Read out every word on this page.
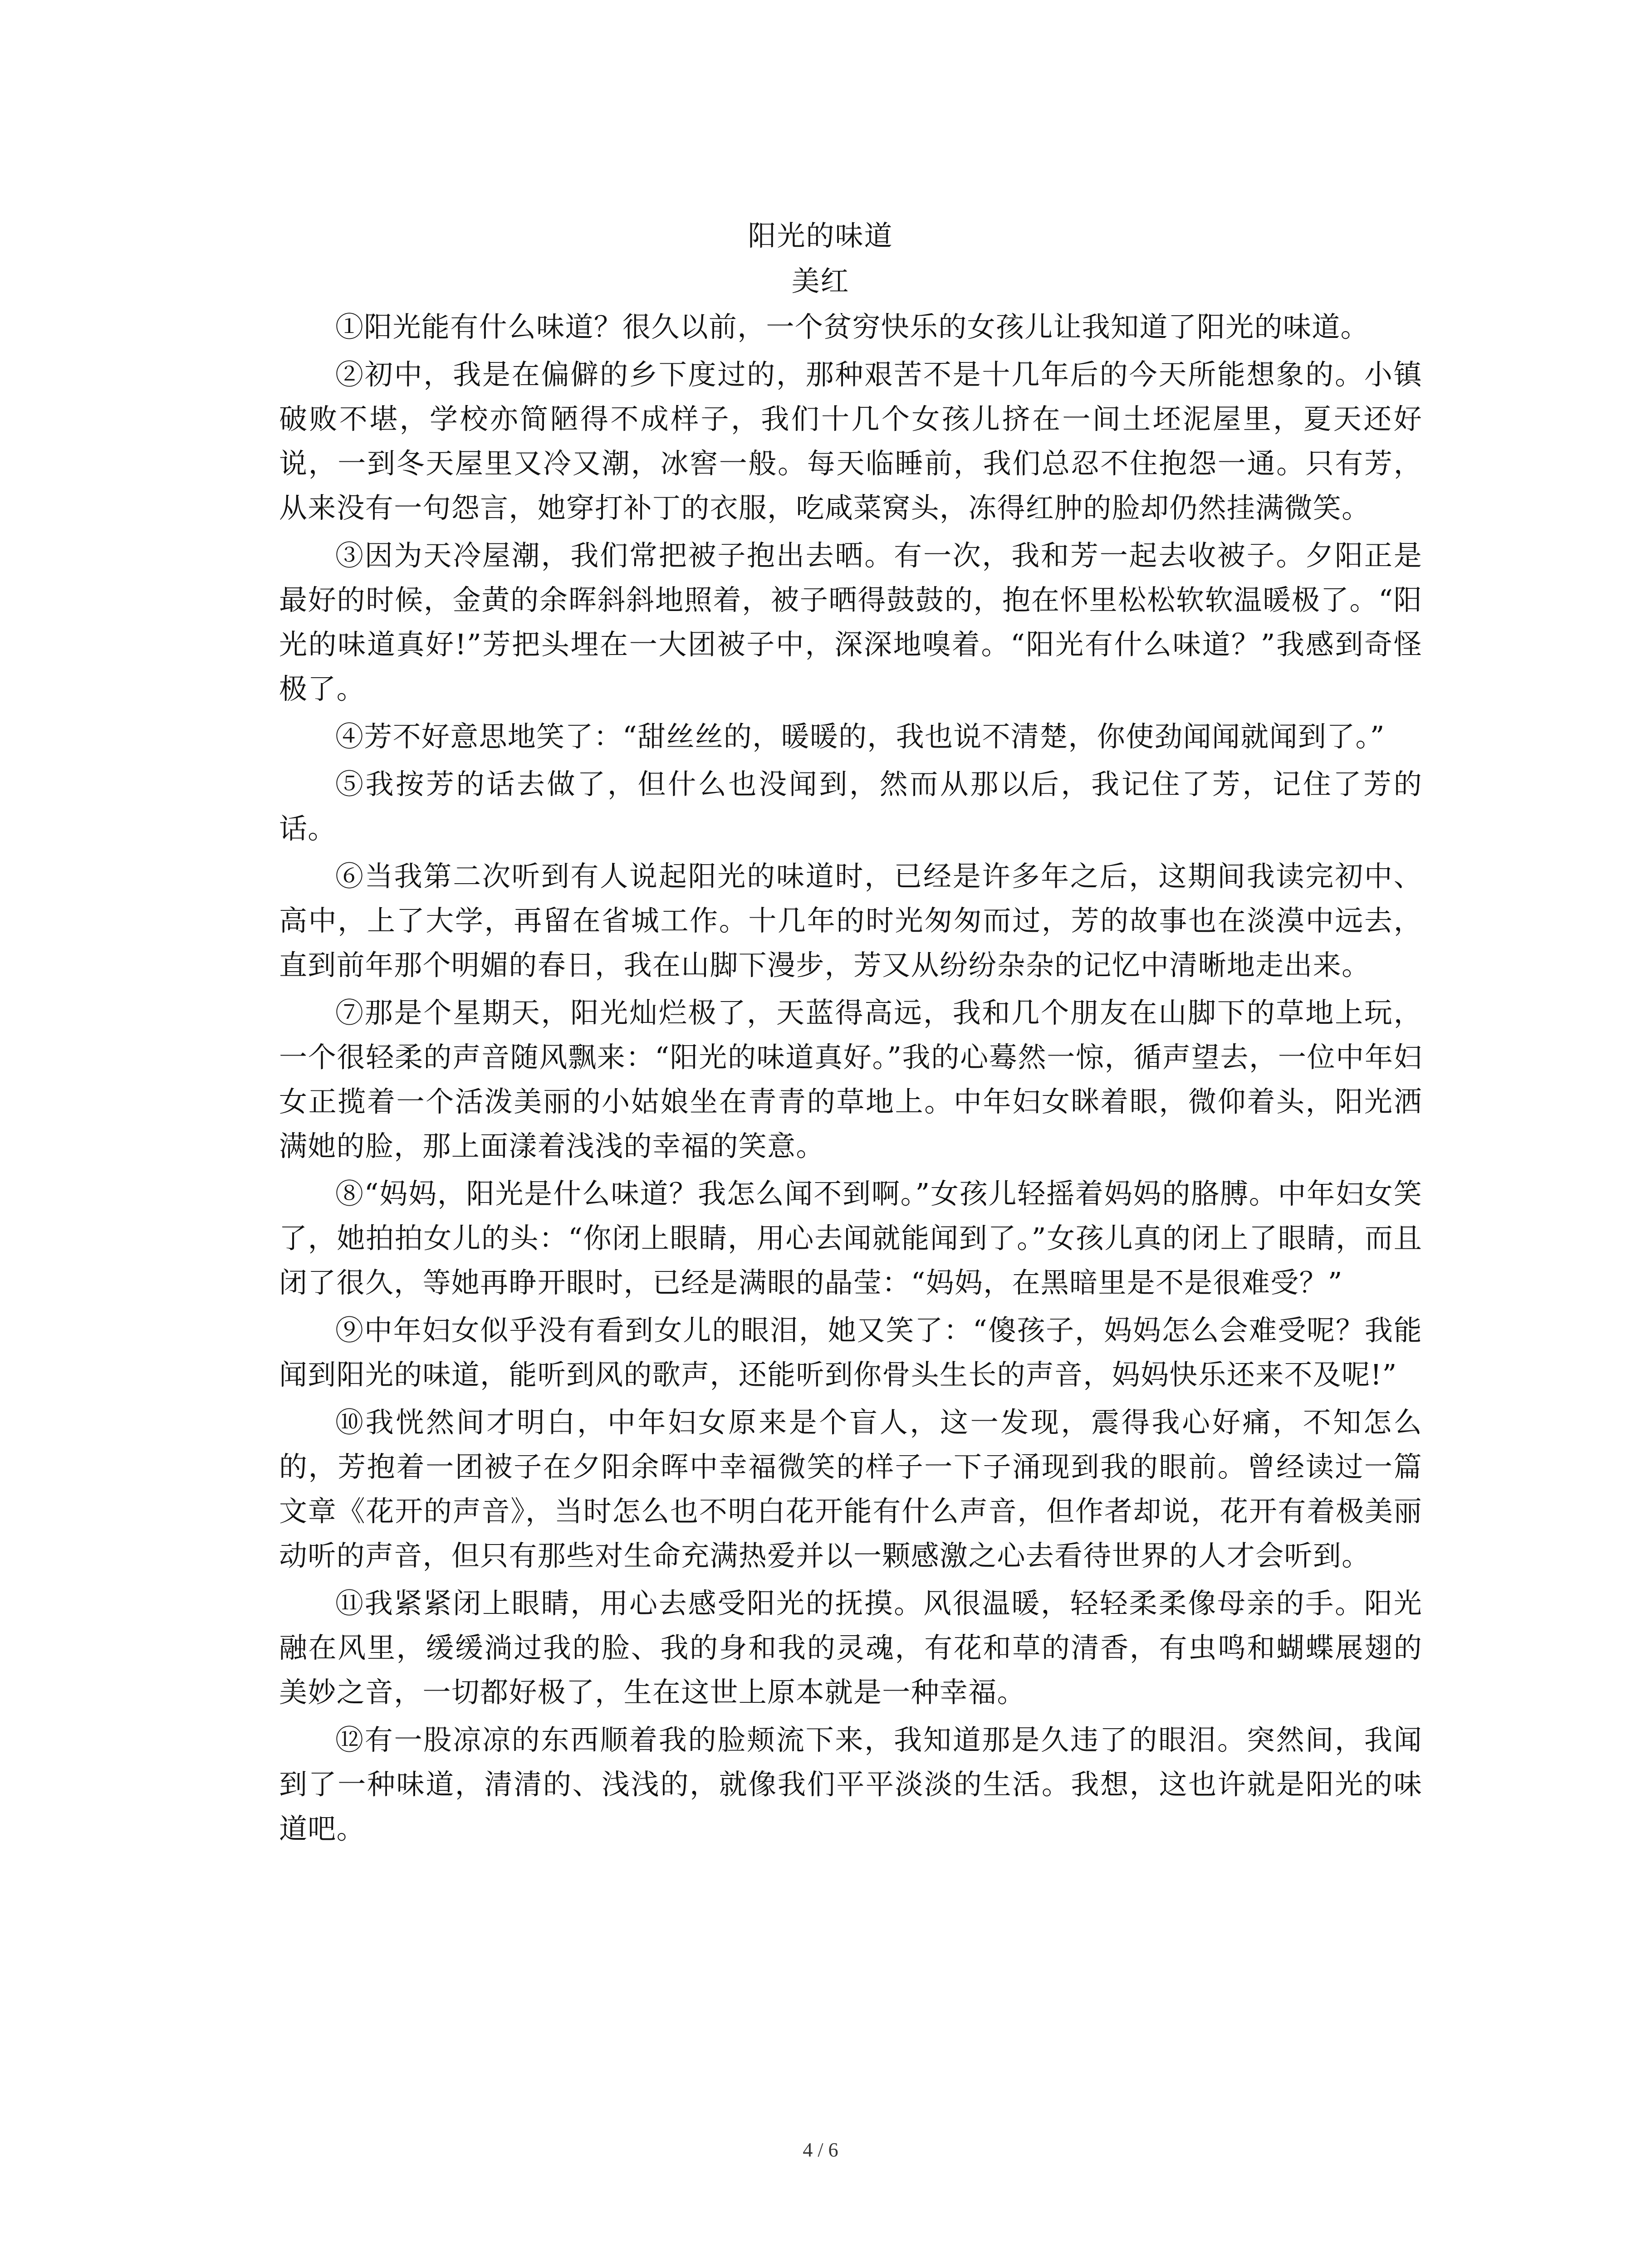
阳光的味道
美红

①阳光能有什么味道？很久以前，一个贫穷快乐的女孩儿让我知道了阳光的味道。

②初中，我是在偏僻的乡下度过的，那种艰苦不是十几年后的今天所能想象的。小镇破败不堪，学校亦简陋得不成样子，我们十几个女孩儿挤在一间土坯泥屋里，夏天还好说，一到冬天屋里又冷又潮，冰窖一般。每天临睡前，我们总忍不住抱怨一通。只有芳，从来没有一句怨言，她穿打补丁的衣服，吃咸菜窝头，冻得红肿的脸却仍然挂满微笑。

③因为天冷屋潮，我们常把被子抱出去晒。有一次，我和芳一起去收被子。夕阳正是最好的时候，金黄的余晖斜斜地照着，被子晒得鼓鼓的，抱在怀里松松软软温暖极了。“阳光的味道真好!”芳把头埋在一大团被子中，深深地嗅着。“阳光有什么味道？”我感到奇怪极了。

④芳不好意思地笑了：“甜丝丝的，暖暖的，我也说不清楚，你使劲闻闻就闻到了。”

⑤我按芳的话去做了，但什么也没闻到，然而从那以后，我记住了芳，记住了芳的话。

⑥当我第二次听到有人说起阳光的味道时，已经是许多年之后，这期间我读完初中、高中，上了大学，再留在省城工作。十几年的时光匆匆而过，芳的故事也在淡漠中远去，直到前年那个明媚的春日，我在山脚下漫步，芳又从纷纷杂杂的记忆中清晰地走出来。

⑦那是个星期天，阳光灿烂极了，天蓝得高远，我和几个朋友在山脚下的草地上玩，一个很轻柔的声音随风飘来：“阳光的味道真好。”我的心蓦然一惊，循声望去，一位中年妇女正揽着一个活泼美丽的小姑娘坐在青青的草地上。中年妇女眯着眼，微仰着头，阳光洒满她的脸，那上面漾着浅浅的幸福的笑意。

⑧“妈妈，阳光是什么味道？我怎么闻不到啊。”女孩儿轻摇着妈妈的胳膊。中年妇女笑了，她拍拍女儿的头：“你闭上眼睛，用心去闻就能闻到了。”女孩儿真的闭上了眼睛，而且闭了很久，等她再睁开眼时，已经是满眼的晶莹：“妈妈，在黑暗里是不是很难受？”

⑨中年妇女似乎没有看到女儿的眼泪，她又笑了：“傻孩子，妈妈怎么会难受呢？我能闻到阳光的味道，能听到风的歌声，还能听到你骨头生长的声音，妈妈快乐还来不及呢!”

⑩我恍然间才明白，中年妇女原来是个盲人，这一发现，震得我心好痛，不知怎么的，芳抱着一团被子在夕阳余晖中幸福微笑的样子一下子涌现到我的眼前。曾经读过一篇文章《花开的声音》，当时怎么也不明白花开能有什么声音，但作者却说，花开有着极美丽动听的声音，但只有那些对生命充满热爱并以一颗感激之心去看待世界的人才会听到。

⑪我紧紧闭上眼睛，用心去感受阳光的抚摸。风很温暖，轻轻柔柔像母亲的手。阳光融在风里，缓缓淌过我的脸、我的身和我的灵魂，有花和草的清香，有虫鸣和蝴蝶展翅的美妙之音，一切都好极了，生在这世上原本就是一种幸福。

⑫有一股凉凉的东西顺着我的脸颊流下来，我知道那是久违了的眼泪。突然间，我闻到了一种味道，清清的、浅浅的，就像我们平平淡淡的生活。我想，这也许就是阳光的味道吧。

4 / 6
